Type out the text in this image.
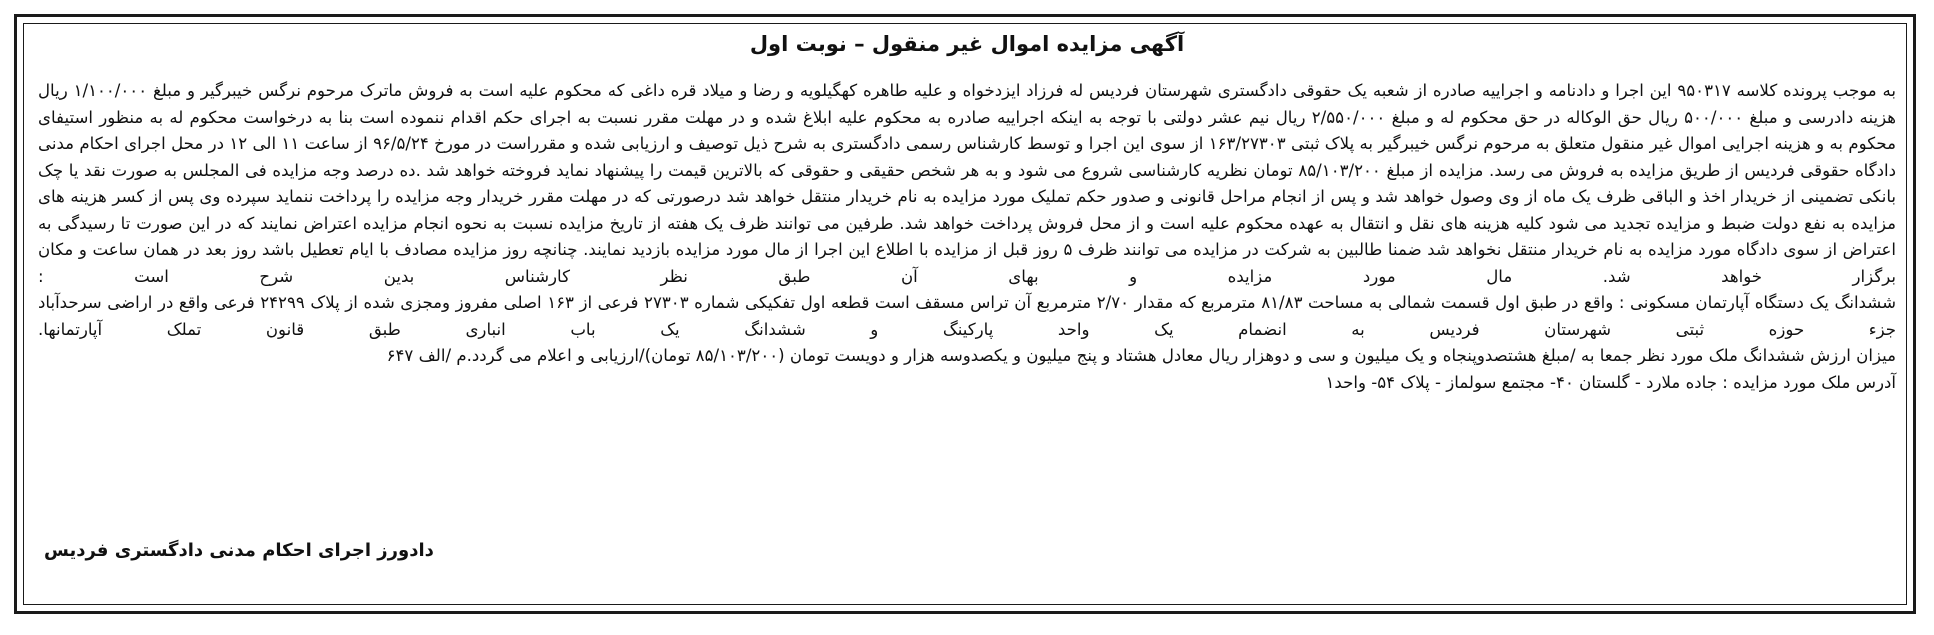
آگهی مزایده اموال غیر منقول – نوبت اول

به موجب پرونده کلاسه ۹۵۰۳۱۷ این اجرا و دادنامه و اجراییه صادره از شعبه یک حقوقی دادگستری شهرستان فردیس له فرزاد ایزدخواه و علیه طاهره کهگیلویه و رضا و میلاد قره داغی که محکوم علیه است به فروش ماترک مرحوم نرگس خیبرگیر و مبلغ ۱/۱۰۰/۰۰۰ ریال هزینه دادرسی و مبلغ ۵۰۰/۰۰۰ ریال حق الوکاله در حق محکوم له و مبلغ ۲/۵۵۰/۰۰۰ ریال نیم عشر دولتی با توجه به اینکه اجراییه صادره به محکوم علیه ابلاغ شده و در مهلت مقرر نسبت به اجرای حکم اقدام ننموده است بنا به درخواست محکوم له به منظور استیفای محکوم به و هزینه اجرایی اموال غیر منقول متعلق به مرحوم نرگس خیبرگیر به پلاک ثبتی ۱۶۳/۲۷۳۰۳ از سوی این اجرا و توسط کارشناس رسمی دادگستری به شرح ذیل توصیف و ارزیابی شده و مقرراست در مورخ ۹۶/۵/۲۴ از ساعت ۱۱ الی ۱۲ در محل اجرای احکام مدنی دادگاه حقوقی فردیس از طریق مزایده به فروش می رسد. مزایده از مبلغ ۸۵/۱۰۳/۲۰۰ تومان نظریه کارشناسی شروع می شود و به هر شخص حقیقی و حقوقی که بالاترین قیمت را پیشنهاد نماید فروخته خواهد شد .ده درصد وجه مزایده فی المجلس به صورت نقد یا چک بانکی تضمینی از خریدار اخذ و الباقی ظرف یک ماه از وی وصول خواهد شد و پس از انجام مراحل قانونی و صدور حکم تملیک مورد مزایده به نام خریدار منتقل خواهد شد درصورتی که در مهلت مقرر خریدار وجه مزایده را پرداخت ننماید سپرده وی پس از کسر هزینه های مزایده به نفع دولت ضبط و مزایده تجدید می شود کلیه هزینه های نقل و انتقال به عهده محکوم علیه است و از محل فروش پرداخت خواهد شد. طرفین می توانند ظرف یک هفته از تاریخ مزایده نسبت به نحوه انجام مزایده اعتراض نمایند که در این صورت تا رسیدگی به اعتراض از سوی دادگاه مورد مزایده به نام خریدار منتقل نخواهد شد ضمنا طالبین به شرکت در مزایده می توانند ظرف ۵ روز قبل از مزایده با اطلاع این اجرا از مال مورد مزایده بازدید نمایند. چنانچه روز مزایده مصادف با ایام تعطیل باشد روز بعد در همان ساعت و مکان برگزار خواهد شد. مال مورد مزایده و بهای آن طبق نظر کارشناس بدین شرح است :

ششدانگ یک دستگاه آپارتمان مسکونی : واقع در طبق اول قسمت شمالی به مساحت ۸۱/۸۳ مترمربع که مقدار ۲/۷۰ مترمربع آن تراس مسقف است قطعه اول تفکیکی شماره ۲۷۳۰۳ فرعی از ۱۶۳ اصلی مفروز ومجزی شده از پلاک ۲۴۲۹۹ فرعی واقع در اراضی سرحدآباد جزء حوزه ثبتی شهرستان فردیس به انضمام یک واحد پارکینگ و ششدانگ یک باب انباری طبق قانون تملک آپارتمانها.

میزان ارزش ششدانگ ملک مورد نظر جمعا به /مبلغ هشتصدوپنجاه و یک میلیون و سی و دوهزار ریال معادل هشتاد و پنج میلیون و یکصدوسه هزار و دویست تومان (۸۵/۱۰۳/۲۰۰ تومان)/ارزیابی و اعلام می گردد.م /الف ۶۴۷

آدرس ملک مورد مزایده : جاده ملارد - گلستان ۴۰- مجتمع سولماز - پلاک ۵۴- واحد۱

دادورز اجرای احکام مدنی دادگستری فردیس
